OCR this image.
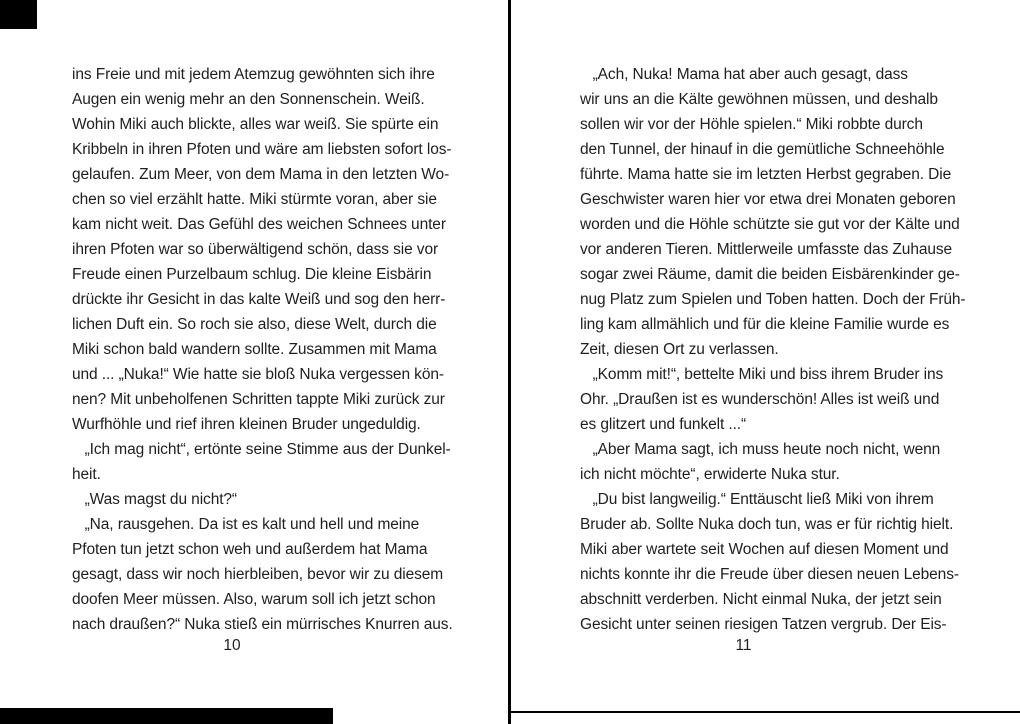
ins Freie und mit jedem Atemzug gewöhnten sich ihre
Augen ein wenig mehr an den Sonnenschein. Weiß.
Wohin Miki auch blickte, alles war weiß. Sie spürte ein
Kribbeln in ihren Pfoten und wäre am liebsten sofort los-
gelaufen. Zum Meer, von dem Mama in den letzten Wo-
chen so viel erzählt hatte. Miki stürmte voran, aber sie
kam nicht weit. Das Gefühl des weichen Schnees unter
ihren Pfoten war so überwältigend schön, dass sie vor
Freude einen Purzelbaum schlug. Die kleine Eisbärin
drückte ihr Gesicht in das kalte Weiß und sog den herr-
lichen Duft ein. So roch sie also, diese Welt, durch die
Miki schon bald wandern sollte. Zusammen mit Mama
und ... „Nuka!“ Wie hatte sie bloß Nuka vergessen kön-
nen? Mit unbeholfenen Schritten tappte Miki zurück zur
Wurfhöhle und rief ihren kleinen Bruder ungeduldig.
„Ich mag nicht“, ertönte seine Stimme aus der Dunkel-
heit.
„Was magst du nicht?“
„Na, rausgehen. Da ist es kalt und hell und meine
Pfoten tun jetzt schon weh und außerdem hat Mama
gesagt, dass wir noch hierbleiben, bevor wir zu diesem
doofen Meer müssen. Also, warum soll ich jetzt schon
nach draußen?“ Nuka stieß ein mürrisches Knurren aus.
10
„Ach, Nuka! Mama hat aber auch gesagt, dass
wir uns an die Kälte gewöhnen müssen, und deshalb
sollen wir vor der Höhle spielen.“ Miki robbte durch
den Tunnel, der hinauf in die gemütliche Schneehöhle
führte. Mama hatte sie im letzten Herbst gegraben. Die
Geschwister waren hier vor etwa drei Monaten geboren
worden und die Höhle schützte sie gut vor der Kälte und
vor anderen Tieren. Mittlerweile umfasste das Zuhause
sogar zwei Räume, damit die beiden Eisbärenkinder ge-
nug Platz zum Spielen und Toben hatten. Doch der Früh-
ling kam allmählich und für die kleine Familie wurde es
Zeit, diesen Ort zu verlassen.
„Komm mit!“, bettelte Miki und biss ihrem Bruder ins
Ohr. „Draußen ist es wunderschön! Alles ist weiß und
es glitzert und funkelt ...“
„Aber Mama sagt, ich muss heute noch nicht, wenn
ich nicht möchte“, erwiderte Nuka stur.
„Du bist langweilig.“ Enttäuscht ließ Miki von ihrem
Bruder ab. Sollte Nuka doch tun, was er für richtig hielt.
Miki aber wartete seit Wochen auf diesen Moment und
nichts konnte ihr die Freude über diesen neuen Lebens-
abschnitt verderben. Nicht einmal Nuka, der jetzt sein
Gesicht unter seinen riesigen Tatzen vergrub. Der Eis-
11
